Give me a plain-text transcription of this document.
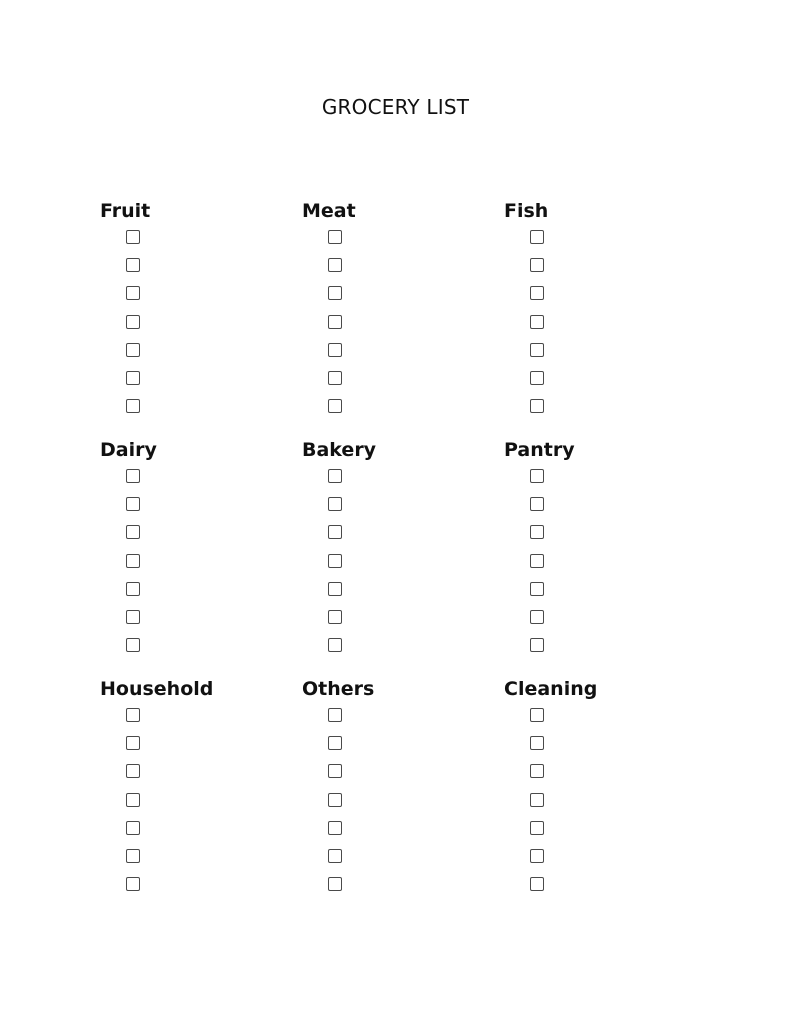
GROCERY LIST
Fruit	Meat	Fish
Dairy	Bakery	Pantry
Household	Others	Cleaning
